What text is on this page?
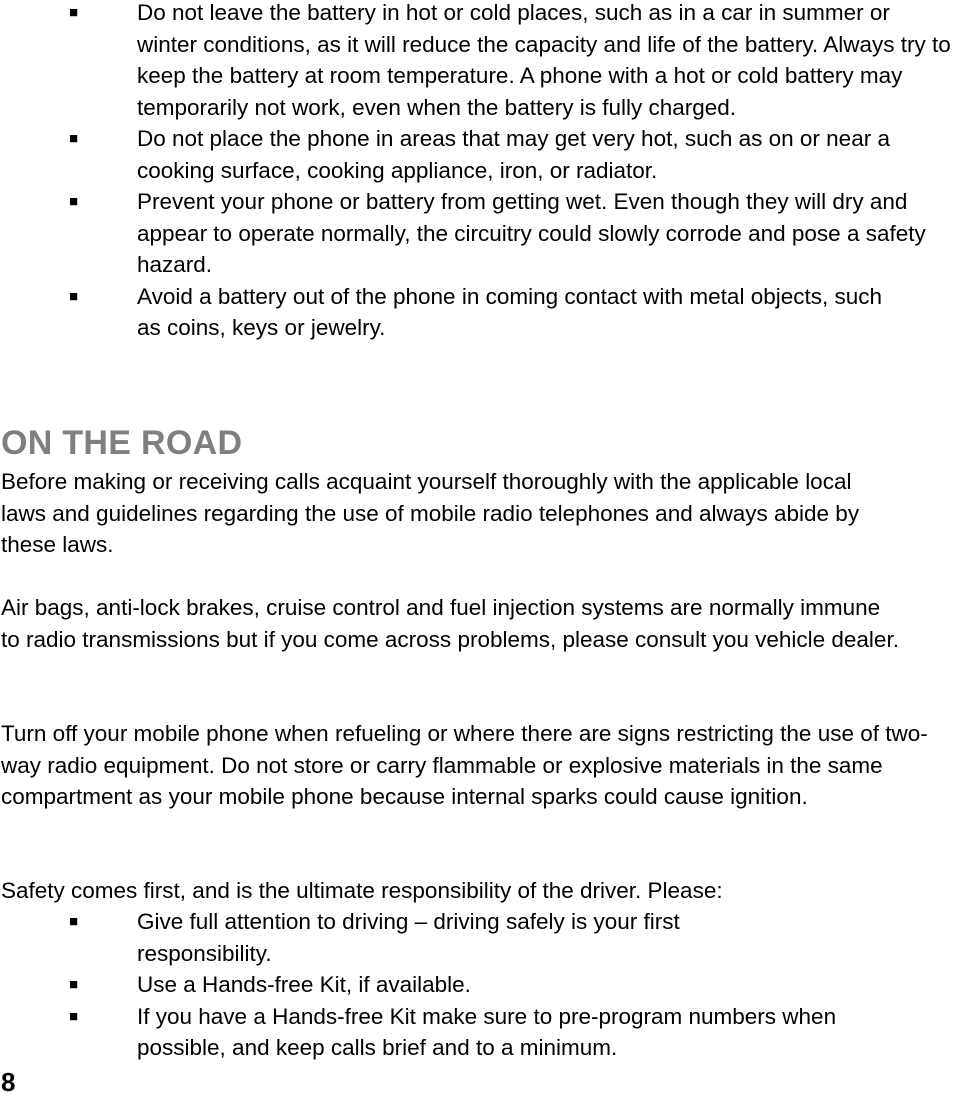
■	Do not leave the battery in hot or cold places, such as in a car in summer or winter conditions, as it will reduce the capacity and life of the battery. Always try to keep the battery at room temperature. A phone with a hot or cold battery may temporarily not work, even when the battery is fully charged.
■	Do not place the phone in areas that may get very hot, such as on or near a cooking surface, cooking appliance, iron, or radiator.
■	Prevent your phone or battery from getting wet. Even though they will dry and appear to operate normally, the circuitry could slowly corrode and pose a safety hazard.
■	Avoid a battery out of the phone in coming contact with metal objects, such as coins, keys or jewelry.
ON THE ROAD

Before making or receiving calls acquaint yourself thoroughly with the applicable local laws and guidelines regarding the use of mobile radio telephones and always abide by these laws.

Air bags, anti-lock brakes, cruise control and fuel injection systems are normally immune to radio transmissions but if you come across problems, please consult you vehicle dealer.

Turn off your mobile phone when refueling or where there are signs restricting the use of two-way radio equipment. Do not store or carry flammable or explosive materials in the same compartment as your mobile phone because internal sparks could cause ignition.

Safety comes first, and is the ultimate responsibility of the driver. Please:

■	Give full attention to driving – driving safely is your first responsibility.
■	Use a Hands-free Kit, if available.
■	If you have a Hands-free Kit make sure to pre-program numbers when possible, and keep calls brief and to a minimum.

8
